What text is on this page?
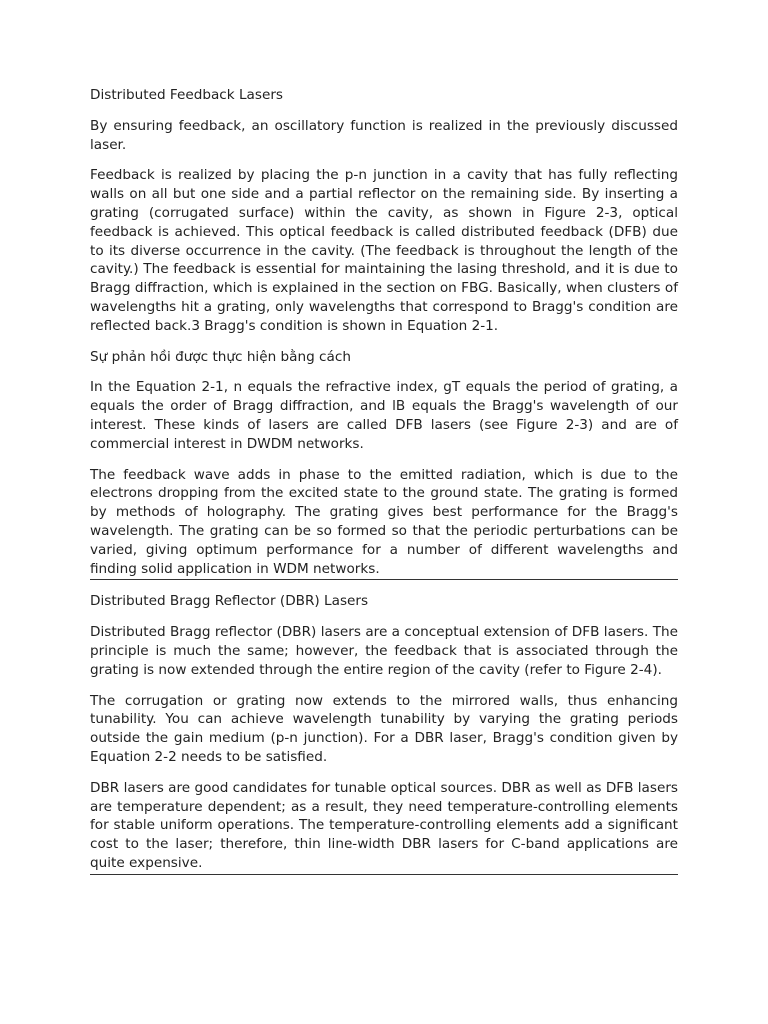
Distributed Feedback Lasers

By ensuring feedback, an oscillatory function is realized in the previously discussed laser.

Feedback is realized by placing the p-n junction in a cavity that has fully reflecting walls on all but one side and a partial reflector on the remaining side. By inserting a grating (corrugated surface) within the cavity, as shown in Figure 2-3, optical feedback is achieved. This optical feedback is called distributed feedback (DFB) due to its diverse occurrence in the cavity. (The feedback is throughout the length of the cavity.) The feedback is essential for maintaining the lasing threshold, and it is due to Bragg diffraction, which is explained in the section on FBG. Basically, when clusters of wavelengths hit a grating, only wavelengths that correspond to Bragg's condition are reflected back.3 Bragg's condition is shown in Equation 2-1.

Sự phản hồi được thực hiện bằng cách

In the Equation 2-1, n equals the refractive index, gT equals the period of grating, a equals the order of Bragg diffraction, and lB equals the Bragg's wavelength of our interest. These kinds of lasers are called DFB lasers (see Figure 2-3) and are of commercial interest in DWDM networks.

The feedback wave adds in phase to the emitted radiation, which is due to the electrons dropping from the excited state to the ground state. The grating is formed by methods of holography. The grating gives best performance for the Bragg's wavelength. The grating can be so formed so that the periodic perturbations can be varied, giving optimum performance for a number of different wavelengths and finding solid application in WDM networks.

Distributed Bragg Reflector (DBR) Lasers

Distributed Bragg reflector (DBR) lasers are a conceptual extension of DFB lasers. The principle is much the same; however, the feedback that is associated through the grating is now extended through the entire region of the cavity (refer to Figure 2-4).

The corrugation or grating now extends to the mirrored walls, thus enhancing tunability. You can achieve wavelength tunability by varying the grating periods outside the gain medium (p-n junction). For a DBR laser, Bragg's condition given by Equation 2-2 needs to be satisfied.

DBR lasers are good candidates for tunable optical sources. DBR as well as DFB lasers are temperature dependent; as a result, they need temperature-controlling elements for stable uniform operations. The temperature-controlling elements add a significant cost to the laser; therefore, thin line-width DBR lasers for C-band applications are quite expensive.
